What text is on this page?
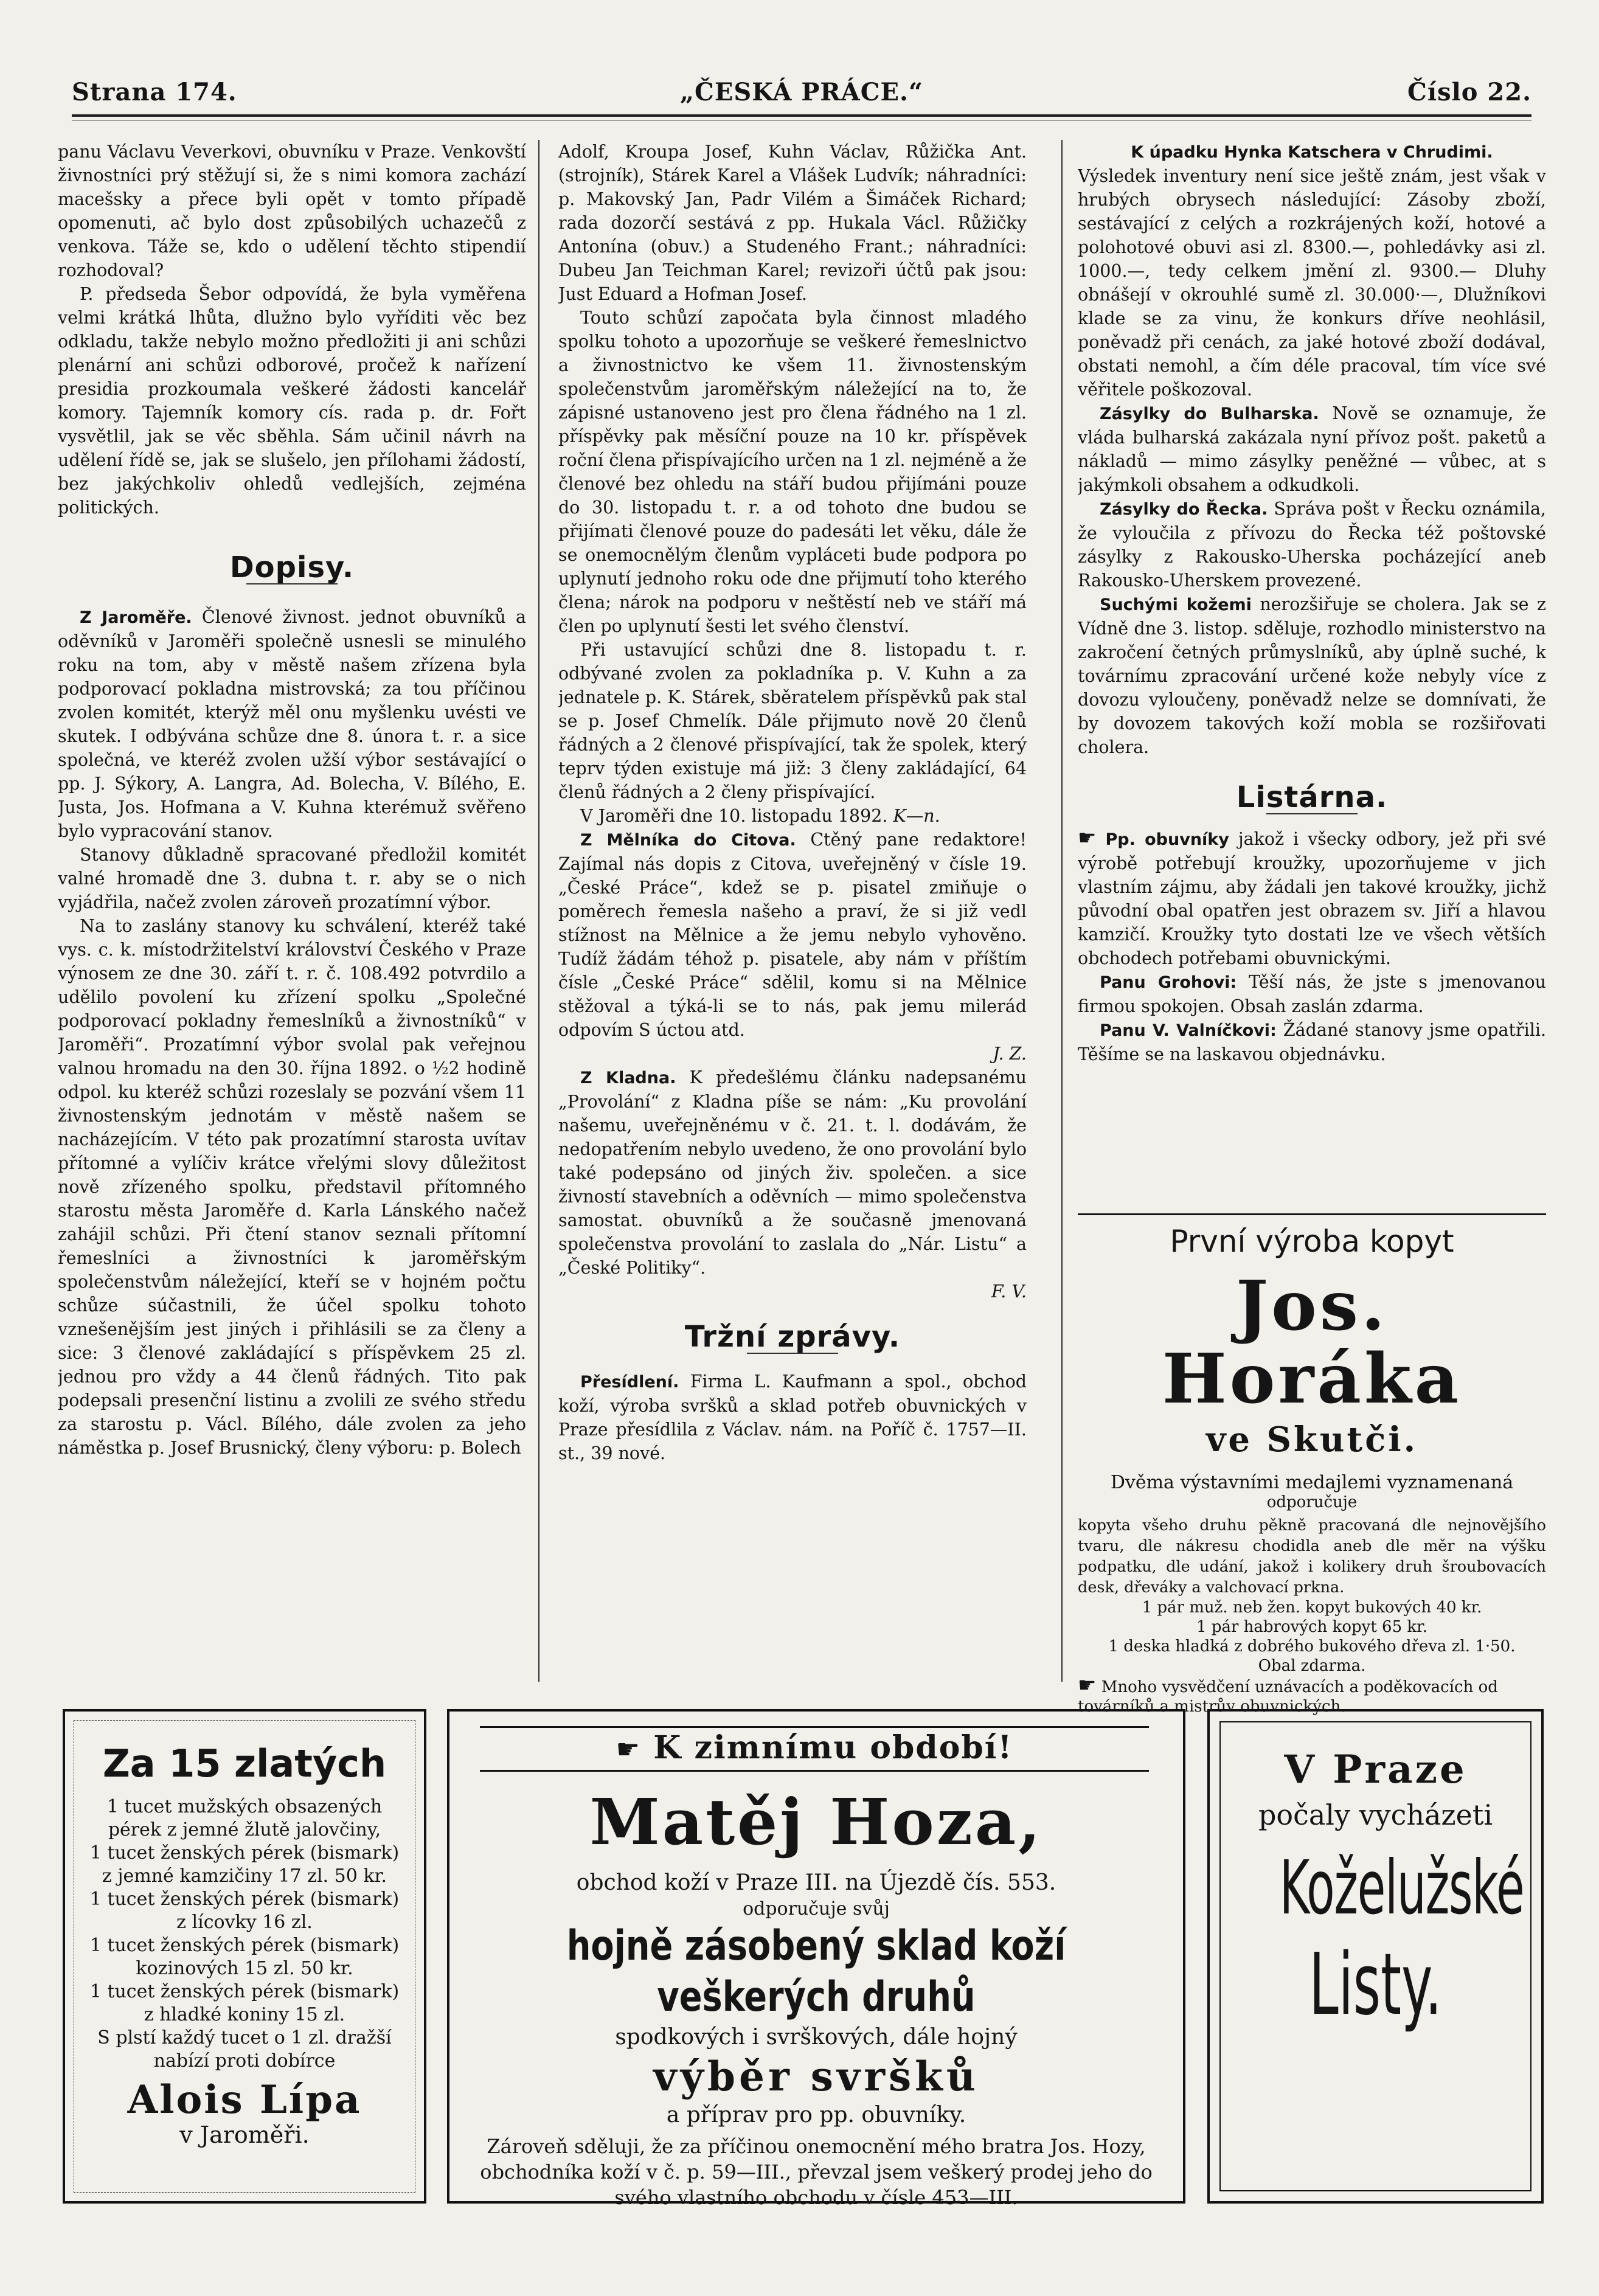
„ČESKÁ PRÁCE.“
Strana 174.	Číslo 22.

panu Václavu Veverkovi, obuvníku v Praze. Venkovští živnostníci prý stěžují si, že s nimi komora zachází macešsky a přece byli opět v tomto případě opomenuti, ač bylo dost způsobilých uchazečů z venkova. Táže se, kdo o udělení těchto stipendií rozhodoval?

P. předseda Šebor odpovídá, že byla vyměřena velmi krátká lhůta, dlužno bylo vyříditi věc bez odkladu, takže nebylo možno předložiti ji ani schůzi plenární ani schůzi odborové, pročež k nařízení presidia prozkoumala veškeré žádosti kancelář komory. Tajemník komory cís. rada p. dr. Fořt vysvětlil, jak se věc sběhla. Sám učinil návrh na udělení řídě se, jak se slušelo, jen přílohami žádostí, bez jakýchkoliv ohledů vedlejších, zejména politických.

Dopisy.

Z Jaroměře. Členové živnost. jednot obuvníků a oděvníků v Jaroměři společně usnesli se minulého roku na tom, aby v městě našem zřízena byla podporovací pokladna mistrovská; za tou příčinou zvolen komitét, kterýž měl onu myšlenku uvésti ve skutek. I odbývána schůze dne 8. února t. r. a sice společná, ve kteréž zvolen užší výbor sestávající o pp. J. Sýkory, A. Langra, Ad. Bolecha, V. Bílého, E. Justa, Jos. Hofmana a V. Kuhna kterémuž svěřeno bylo vypracování stanov.

Stanovy důkladně spracované předložil komitét valné hromadě dne 3. dubna t. r. aby se o nich vyjádřila, načež zvolen zároveň prozatímní výbor.

Na to zaslány stanovy ku schválení, kteréž také vys. c. k. místodržitelství království Českého v Praze výnosem ze dne 30. září t. r. č. 108.492 potvrdilo a udělilo povolení ku zřízení spolku „Společné podporovací pokladny řemeslníků a živnostníků“ v Jaroměři“. Prozatímní výbor svolal pak veřejnou valnou hromadu na den 30. října 1892. o ½2 hodině odpol. ku kteréž schůzi rozeslaly se pozvání všem 11 živnostenským jednotám v městě našem se nacházejícím. V této pak prozatímní starosta uvítav přítomné a vylíčiv krátce vřelými slovy důležitost nově zřízeného spolku, představil přítomného starostu města Jaroměře d. Karla Lánského načež zahájil schůzi. Při čtení stanov seznali přítomní řemeslníci a živnostníci k jaroměřským společenstvům náležející, kteří se v hojném počtu schůze súčastnili, že účel spolku tohoto vznešenějším jest jiných i přihlásili se za členy a sice: 3 členové zakládající s příspěvkem 25 zl. jednou pro vždy a 44 členů řádných. Tito pak podepsali presenční listinu a zvolili ze svého středu za starostu p. Václ. Bílého, dále zvolen za jeho náměstka p. Josef Brusnický, členy výboru: p. Bolech

Adolf, Kroupa Josef, Kuhn Václav, Růžička Ant. (strojník), Stárek Karel a Vlášek Ludvík; náhradníci: p. Makovský Jan, Padr Vilém a Šimáček Richard; rada dozorčí sestává z pp. Hukala Václ. Růžičky Antonína (obuv.) a Studeného Frant.; náhradníci: Dubeu Jan Teichman Karel; revizoři účtů pak jsou: Just Eduard a Hofman Josef.

Touto schůzí započata byla činnost mladého spolku tohoto a upozorňuje se veškeré řemeslnictvo a živnostnictvo ke všem 11. živnostenským společenstvům jaroměřským náležející na to, že zápisné ustanoveno jest pro člena řádného na 1 zl. příspěvky pak měsíční pouze na 10 kr. příspěvek roční člena přispívajícího určen na 1 zl. nejméně a že členové bez ohledu na stáří budou přijímáni pouze do 30. listopadu t. r. a od tohoto dne budou se přijímati členové pouze do padesáti let věku, dále že se onemocnělým členům vypláceti bude podpora po uplynutí jednoho roku ode dne přijmutí toho kterého člena; nárok na podporu v neštěstí neb ve stáří má člen po uplynutí šesti let svého členství.

Při ustavující schůzi dne 8. listopadu t. r. odbývané zvolen za pokladníka p. V. Kuhn a za jednatele p. K. Stárek, sběratelem příspěvků pak stal se p. Josef Chmelík. Dále přijmuto nově 20 členů řádných a 2 členové přispívající, tak že spolek, který teprv týden existuje má již: 3 členy zakládající, 64 členů řádných a 2 členy přispívající.

V Jaroměři dne 10. listopadu 1892. K—n.

Z Mělníka do Citova. Ctěný pane redaktore! Zajímal nás dopis z Citova, uveřejněný v čísle 19. „České Práce“, kdež se p. pisatel zmiňuje o poměrech řemesla našeho a praví, že si již vedl stížnost na Mělnice a že jemu nebylo vyhověno. Tudíž žádám téhož p. pisatele, aby nám v příštím čísle „České Práce“ sdělil, komu si na Mělnice stěžoval a týká-li se to nás, pak jemu milerád odpovím S úctou atd.

J. Z.

Z Kladna. K předešlému článku nadepsanému „Provolání“ z Kladna píše se nám: „Ku provolání našemu, uveřejněnému v č. 21. t. l. dodávám, že nedopatřením nebylo uvedeno, že ono provolání bylo také podepsáno od jiných živ. společen. a sice živností stavebních a oděvních — mimo společenstva samostat. obuvníků a že současně jmenovaná společenstva provolání to zaslala do „Nár. Listu“ a „České Politiky“.

F. V.
Tržní zprávy.

Přesídlení. Firma L. Kaufmann a spol., obchod koží, výroba svršků a sklad potřeb obuvnických v Praze přesídlila z Václav. nám. na Poříč č. 1757—II. st., 39 nové.

K úpadku Hynka Katschera v Chrudimi.

Výsledek inventury není sice ještě znám, jest však v hrubých obrysech následující: Zásoby zboží, sestávající z celých a rozkrájených koží, hotové a polohotové obuvi asi zl. 8300.—, pohledávky asi zl. 1000.—, tedy celkem jmění zl. 9300.— Dluhy obnášejí v okrouhlé sumě zl. 30.000·—, Dlužníkovi klade se za vinu, že konkurs dříve neohlásil, poněvadž při cenách, za jaké hotové zboží dodával, obstati nemohl, a čím déle pracoval, tím více své věřitele poškozoval.

Zásylky do Bulharska. Nově se oznamuje, že vláda bulharská zakázala nyní přívoz pošt. paketů a nákladů — mimo zásylky peněžné — vůbec, at s jakýmkoli obsahem a odkudkoli.

Zásylky do Řecka. Správa pošt v Řecku oznámila, že vyloučila z přívozu do Řecka též poštovské zásylky z Rakousko-Uherska pocházející aneb Rakousko-Uherskem provezené.

Suchými kožemi nerozšiřuje se cholera. Jak se z Vídně dne 3. listop. sdělujе, rozhodlo ministerstvo na zakročení četných průmyslníků, aby úplně suché, k továrnímu zpracování určené kože nebyly více z dovozu vyloučeny, poněvadž nelze se domnívati, že by dovozem takových koží mobla se rozšiřovati cholera.

Listárna.

☛ Pp. obuvníky jakož i všecky odbory, jež při své výrobě potřebují kroužky, upozorňujeme v jich vlastním zájmu, aby žádali jen takové kroužky, jichž původní obal opatřen jest obrazem sv. Jiří a hlavou kamzičí. Kroužky tyto dostati lze ve všech větších obchodech potřebami obuvnickými.

Panu Grohovi: Těší nás, že jste s jmenovanou firmou spokojen. Obsah zaslán zdarma.

Panu V. Valníčkovi: Žádané stanovy jsme opatřili. Těšíme se na laskavou objednávku.

První výroba kopyt
Jos. Horáka
ve Skutči.
Dvěma výstavními medajlemi vyznamenaná
odporučuje
kopyta všeho druhu pěkně pracovaná dle nejnovějšího tvaru, dle nákresu chodidla aneb dle měr na výšku podpatku, dle udání, jakož i kolikery druh šroubovacích desk, dřeváky a valchovací prkna.
1 pár muž. neb žen. kopyt bukových 40 kr.
1 pár habrových kopyt 65 kr.
1 deska hladká z dobrého bukového dřeva zl. 1·50.
Obal zdarma.
☛ Mnoho vysvědčení uznávacích a poděkovacích od továrníků a mistrův obuvnických.
Za 15 zlatých
1 tucet mužských obsazených
pérek z jemné žlutě jalovčiny,
1 tucet ženských pérek (bismark)
z jemné kamzičiny 17 zl. 50 kr.
1 tucet ženských pérek (bismark)
z lícovky 16 zl.
1 tucet ženských pérek (bismark)
kozinových 15 zl. 50 kr.
1 tucet ženských pérek (bismark)
z hladké koniny 15 zl.
S plstí každý tucet o 1 zl. dražší
nabízí proti dobírce
Alois Lípa
v Jaroměři.
☛ K zimnímu období!
Matěj Hoza,
obchod koží v Praze III. na Újezdě čís. 553.
odporučuje svůj
hojně zásobený sklad koží veškerých druhů
spodkových i svrškových, dále hojný
výběr svršků
a příprav pro pp. obuvníky.
Zároveň sděluji, že za příčinou onemocnění mého bratra Jos. Hozy, obchodníka koží v č. p. 59—III., převzal jsem veškerý prodej jeho do svého vlastního obchodu v čísle 453—III.
V Praze
počaly vycházeti
Koželužské
Listy.
